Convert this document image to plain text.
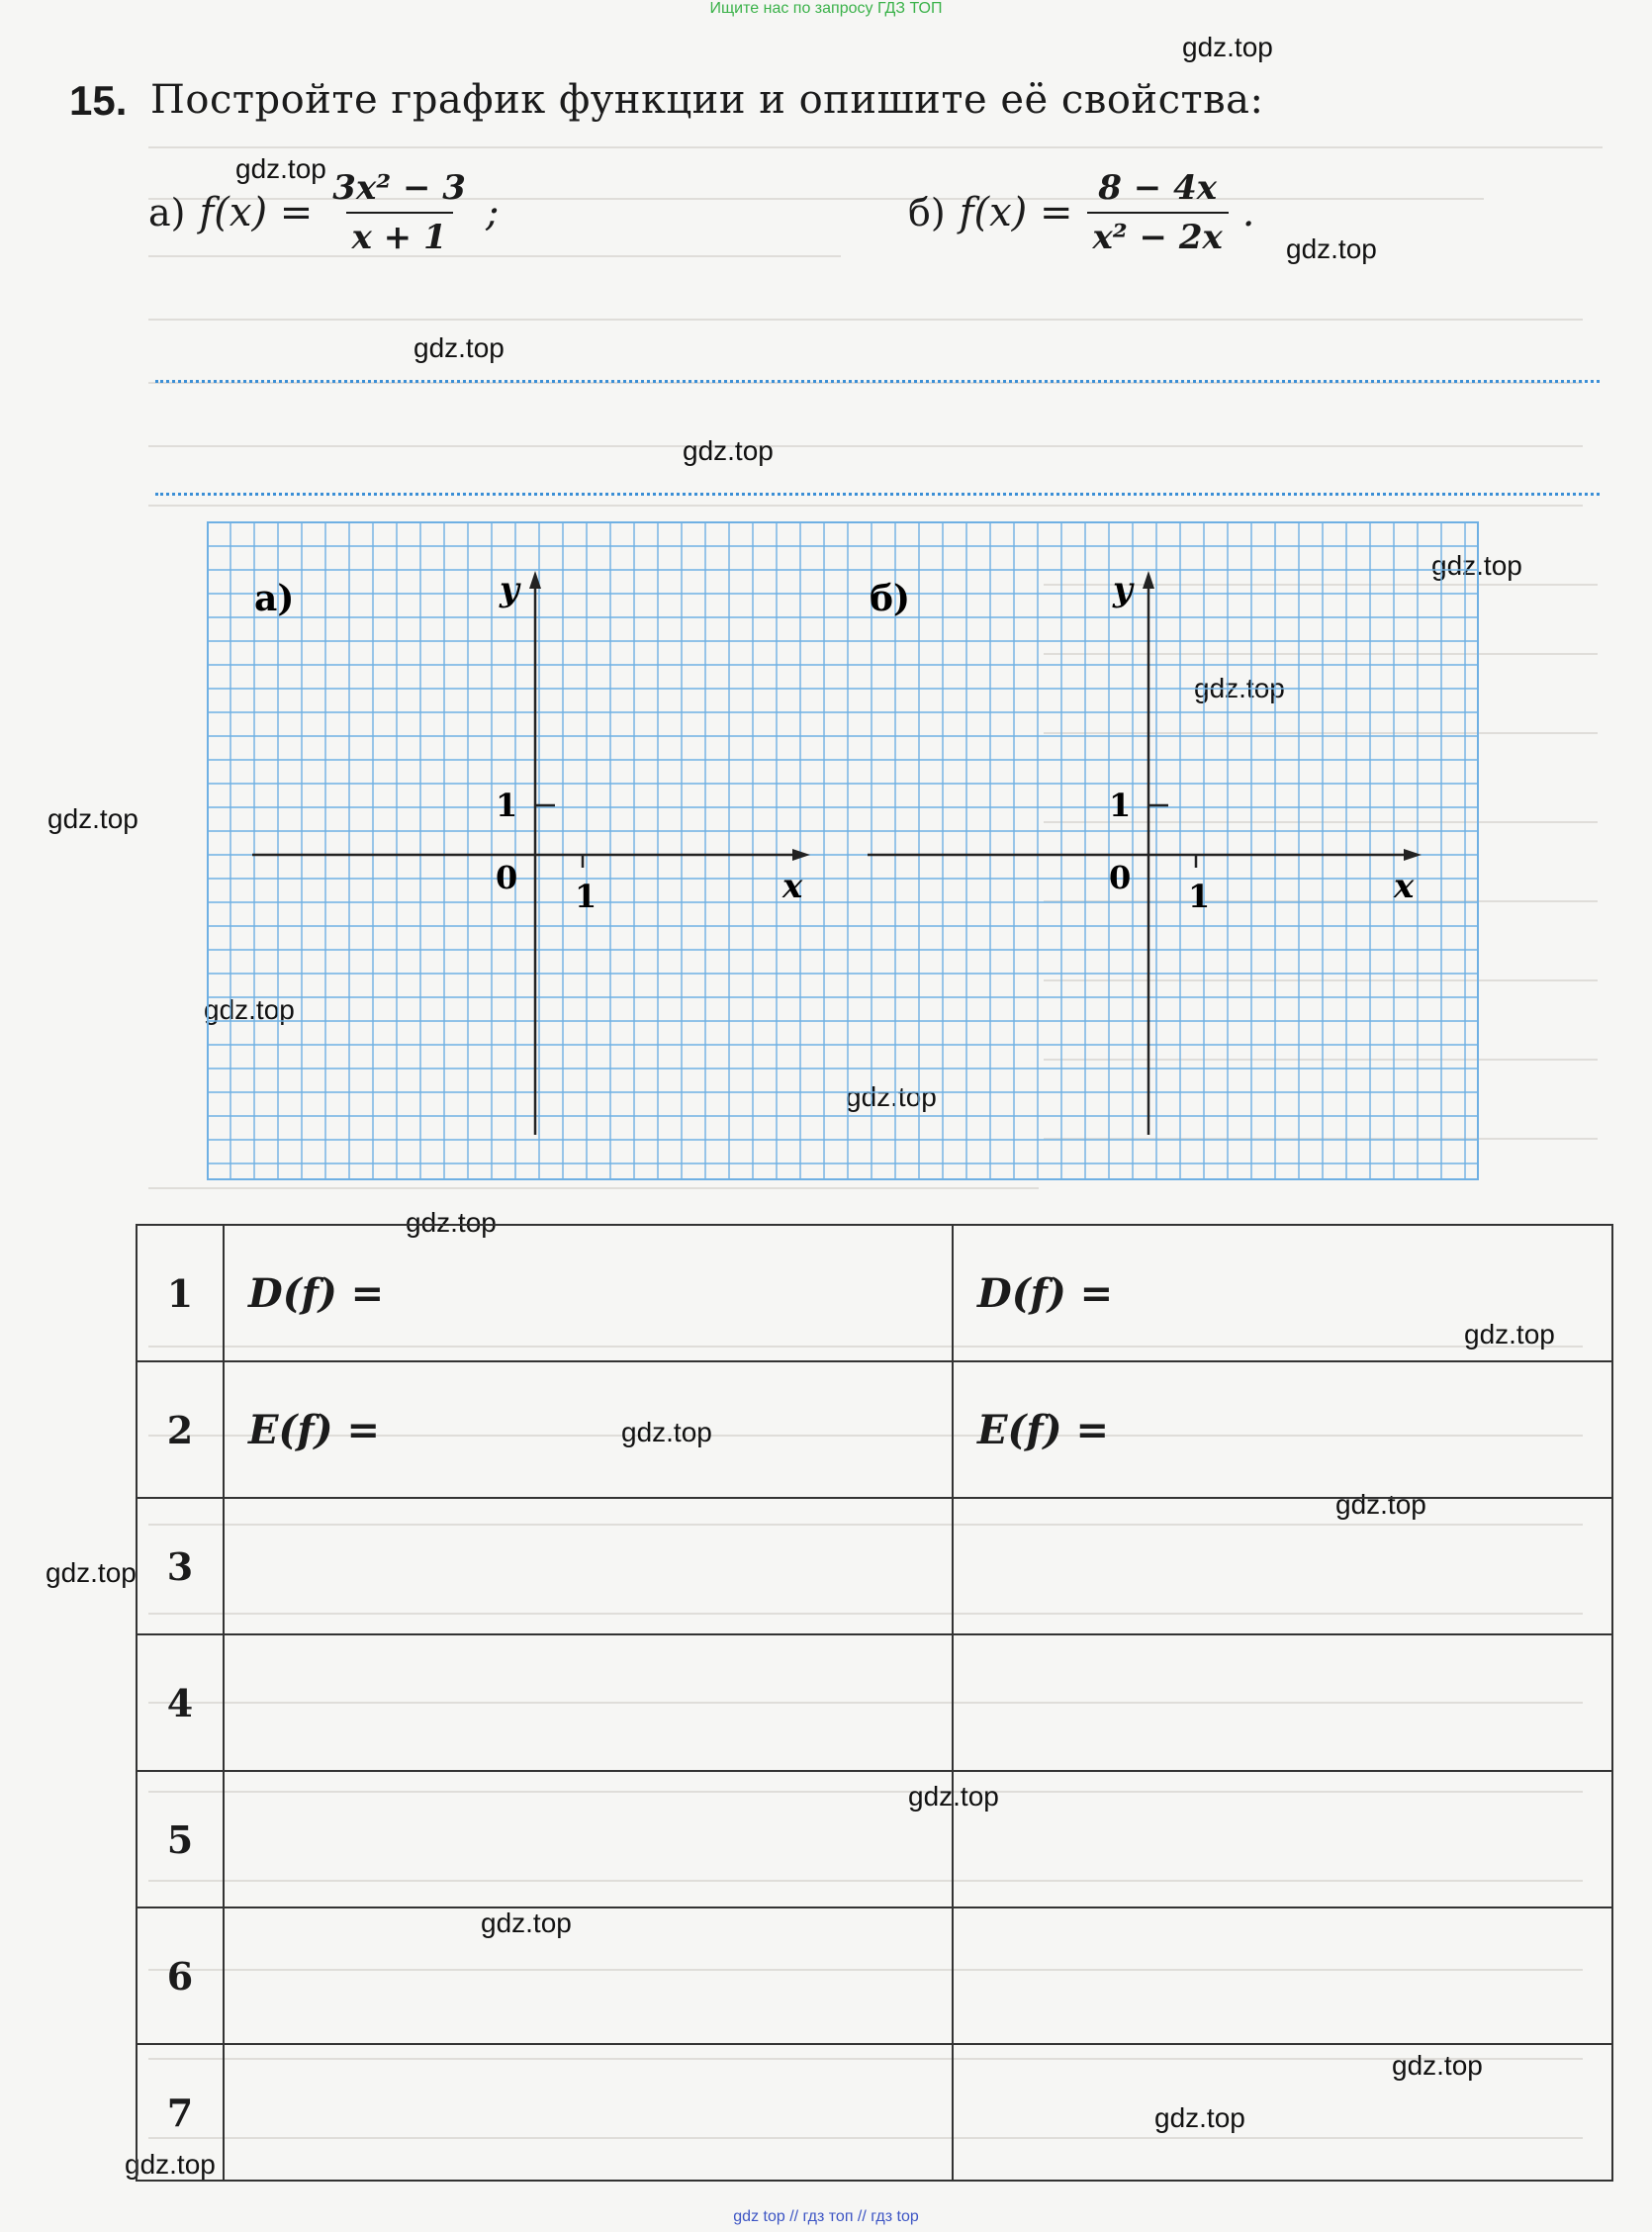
Ищите нас по запросу ГДЗ ТОП
gdz.top
gdz.top
gdz.top
gdz.top
gdz.top
gdz.top
gdz.top
gdz.top
gdz.top
gdz.top
gdz.top
gdz.top
gdz.top
gdz.top
gdz.top
gdz.top
gdz.top
gdz.top
gdz.top
gdz.top
15. Постройте график функции и опишите её свойства:
а) $f(x) = \frac{\text{3x² − 3}}{x + 1}$ ;	б) $f(x) = \frac{8 - 4x}{\text{x² − 2x}}$ .
а)	y
x
0 1
1
б)	y
x
0 1
1
1	D(f) =	D(f) =
2	E(f) =	E(f) =
3		
4		
5		
6		
7		
gdz top // гдз топ // гдз top
